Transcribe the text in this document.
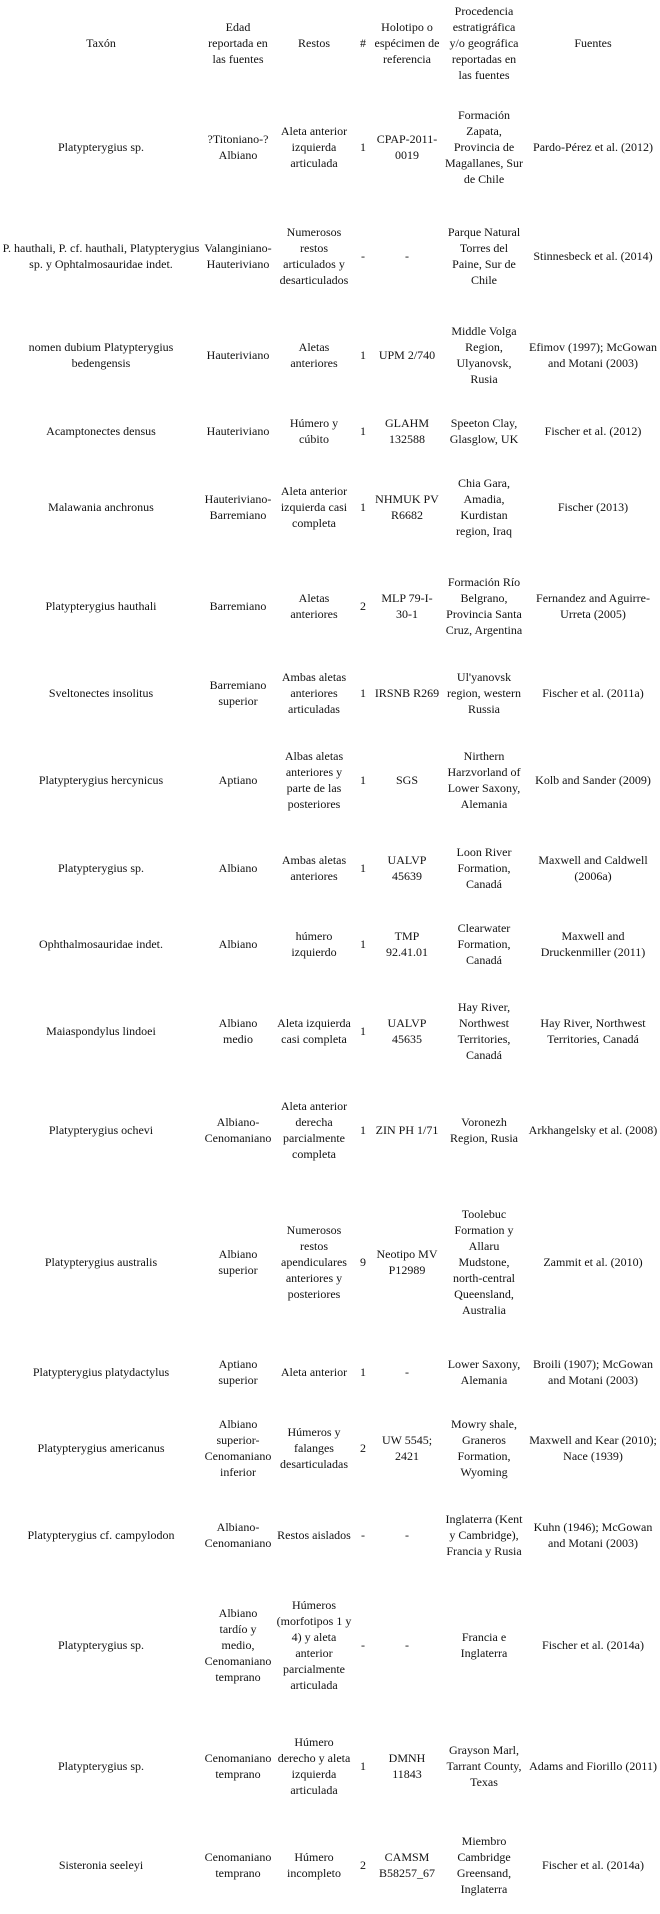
Taxón	Edad reportada en las fuentes	Restos	#	Holotipo o espécimen de referencia	Procedencia estratigráfica y/o geográfica reportadas en las fuentes	Fuentes
Platypterygius sp.	?Titoniano-?Albiano	Aleta anterior izquierda articulada	1	CPAP-2011-0019	Formación Zapata, Provincia de Magallanes, Sur de Chile	Pardo-Pérez et al. (2012)
P. hauthali, P. cf. hauthali, Platypterygius sp. y Ophtalmosauridae indet.	Valanginiano-Hauteriviano	Numerosos restos articulados y desarticulados	-	-	Parque Natural Torres del Paine, Sur de Chile	Stinnesbeck et al. (2014)
nomen dubium Platypterygius bedengensis	Hauteriviano	Aletas anteriores	1	UPM 2/740	Middle Volga Region, Ulyanovsk, Rusia	Efimov (1997); McGowan and Motani (2003)
Acamptonectes densus	Hauteriviano	Húmero y cúbito	1	GLAHM 132588	Speeton Clay, Glasglow, UK	Fischer et al. (2012)
Malawania anchronus	Hauteriviano-Barremiano	Aleta anterior izquierda casi completa	1	NHMUK PV R6682	Chia Gara, Amadia, Kurdistan region, Iraq	Fischer (2013)
Platypterygius hauthali	Barremiano	Aletas anteriores	2	MLP 79-I-30-1	Formación Río Belgrano, Provincia Santa Cruz, Argentina	Fernandez and Aguirre-Urreta (2005)
Sveltonectes insolitus	Barremiano superior	Ambas aletas anteriores articuladas	1	IRSNB R269	Ul'yanovsk region, western Russia	Fischer et al. (2011a)
Platypterygius hercynicus	Aptiano	Albas aletas anteriores y parte de las posteriores	1	SGS	Nirthern Harzvorland of Lower Saxony, Alemania	Kolb and Sander (2009)
Platypterygius sp.	Albiano	Ambas aletas anteriores	1	UALVP 45639	Loon River Formation, Canadá	Maxwell and Caldwell (2006a)
Ophthalmosauridae indet.	Albiano	húmero izquierdo	1	TMP 92.41.01	Clearwater Formation, Canadá	Maxwell and Druckenmiller (2011)
Maiaspondylus lindoei	Albiano medio	Aleta izquierda casi completa	1	UALVP 45635	Hay River, Northwest Territories, Canadá	Hay River, Northwest Territories, Canadá
Platypterygius ochevi	Albiano-Cenomaniano	Aleta anterior derecha parcialmente completa	1	ZIN PH 1/71	Voronezh Region, Rusia	Arkhangelsky et al. (2008)
Platypterygius australis	Albiano superior	Numerosos restos apendiculares anteriores y posteriores	9	Neotipo MV P12989	Toolebuc Formation y Allaru Mudstone, north-central Queensland, Australia	Zammit et al. (2010)
Platypterygius platydactylus	Aptiano superior	Aleta anterior	1	-	Lower Saxony, Alemania	Broili (1907); McGowan and Motani (2003)
Platypterygius americanus	Albiano superior-Cenomaniano inferior	Húmeros y falanges desarticuladas	2	UW 5545; 2421	Mowry shale, Graneros Formation, Wyoming	Maxwell and Kear (2010); Nace (1939)
Platypterygius cf. campylodon	Albiano-Cenomaniano	Restos aislados	-	-	Inglaterra (Kent y Cambridge), Francia y Rusia	Kuhn (1946); McGowan and Motani (2003)
Platypterygius sp.	Albiano tardío y medio, Cenomaniano temprano	Húmeros (morfotipos 1 y 4) y aleta anterior parcialmente articulada	-	-	Francia e Inglaterra	Fischer et al. (2014a)
Platypterygius sp.	Cenomaniano temprano	Húmero derecho y aleta izquierda articulada	1	DMNH 11843	Grayson Marl, Tarrant County, Texas	Adams and Fiorillo (2011)
Sisteronia seeleyi	Cenomaniano temprano	Húmero incompleto	2	CAMSM B58257_67	Miembro Cambridge Greensand, Inglaterra	Fischer et al. (2014a)
